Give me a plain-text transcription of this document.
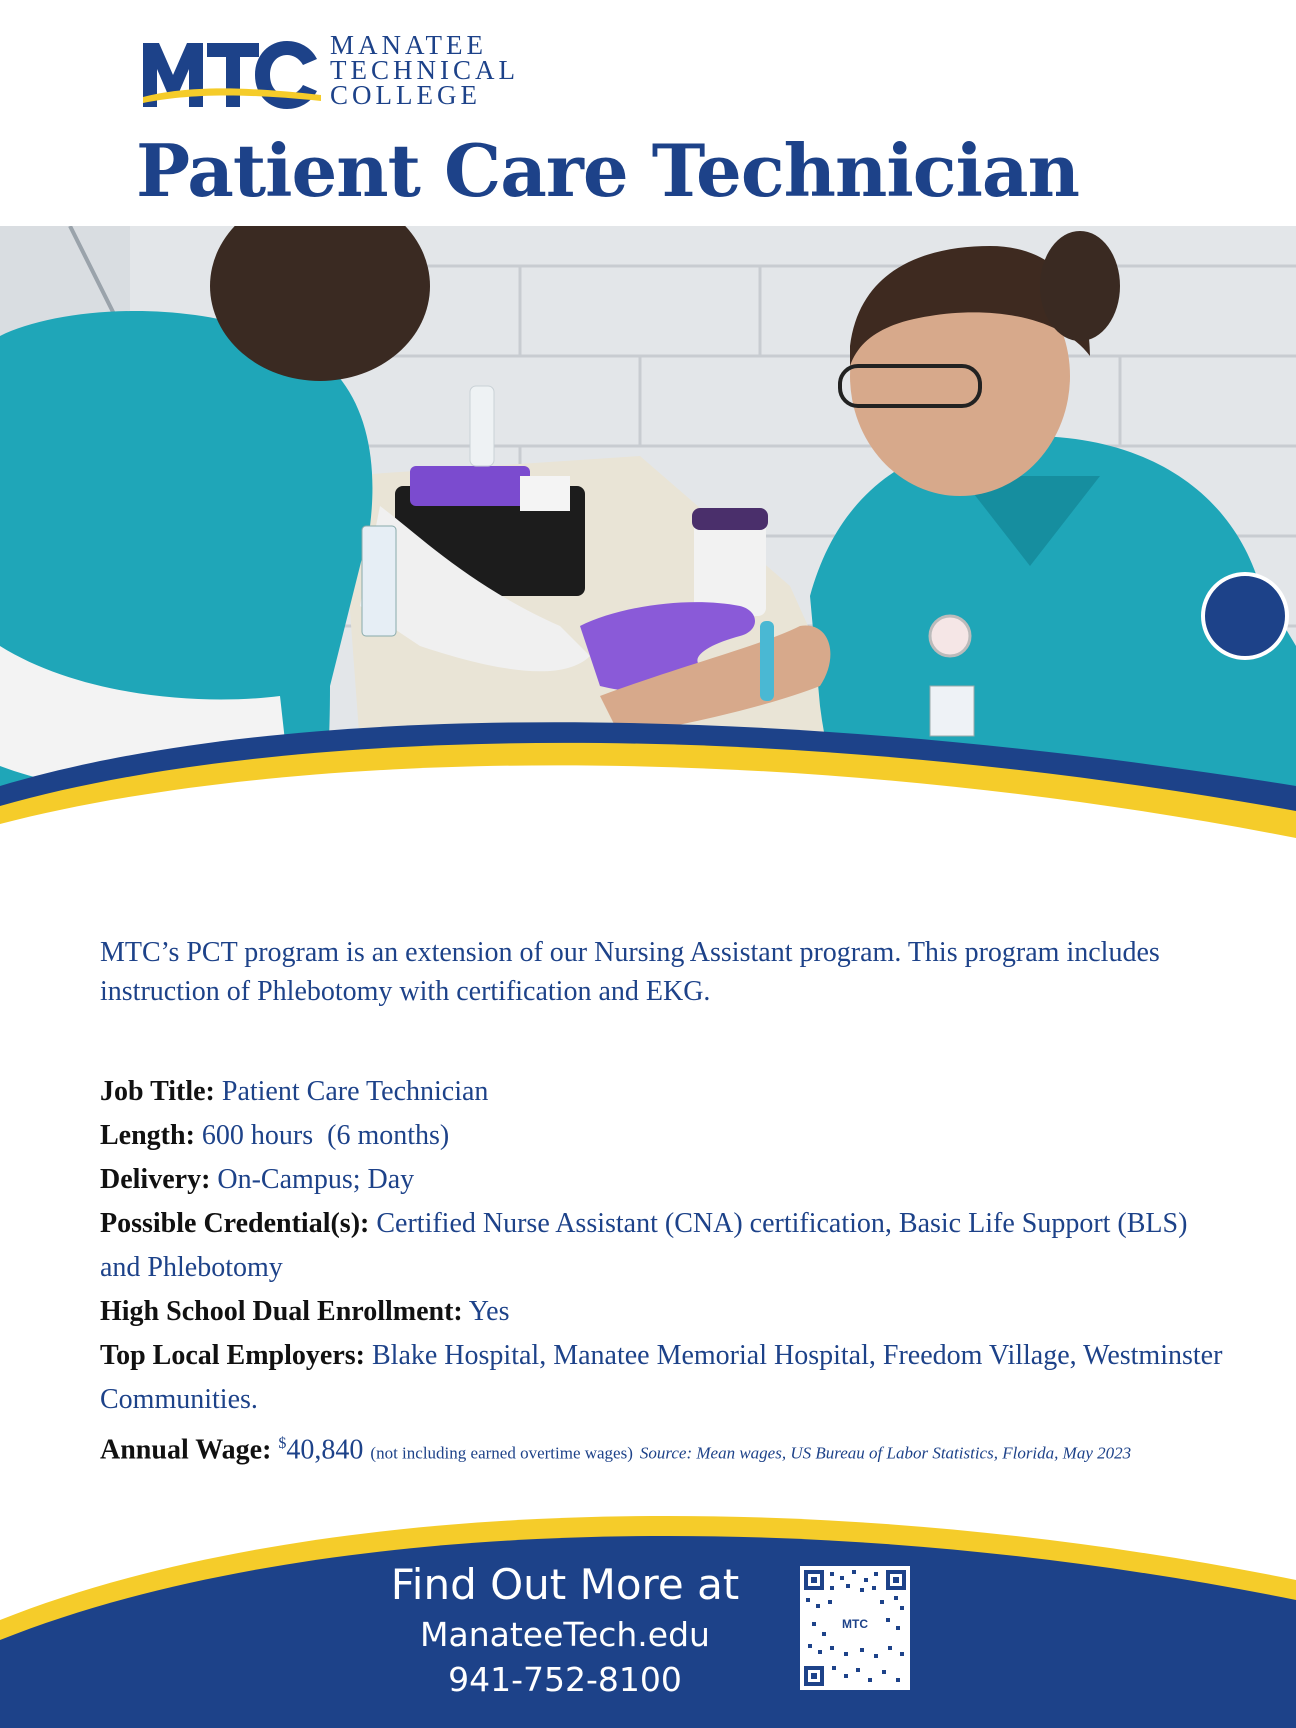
MANATEE
TECHNICAL
COLLEGE
Patient Care Technician

MTC’s PCT program is an extension of our Nursing Assistant program. This program includes instruction of Phlebotomy with certification and EKG.

Job Title: Patient Care Technician

Length: 600 hours  (6 months)

Delivery: On-Campus; Day

Possible Credential(s): Certified Nurse Assistant (CNA) certification, Basic Life Support (BLS) and Phlebotomy

High School Dual Enrollment: Yes

Top Local Employers: Blake Hospital, Manatee Memorial Hospital, Freedom Village, Westminster Communities.

Annual Wage: $40,840 (not including earned overtime wages) Source: Mean wages, US Bureau of Labor Statistics, Florida, May 2023

Find Out More at
ManateeTech.edu
941-752-8100
MTC
